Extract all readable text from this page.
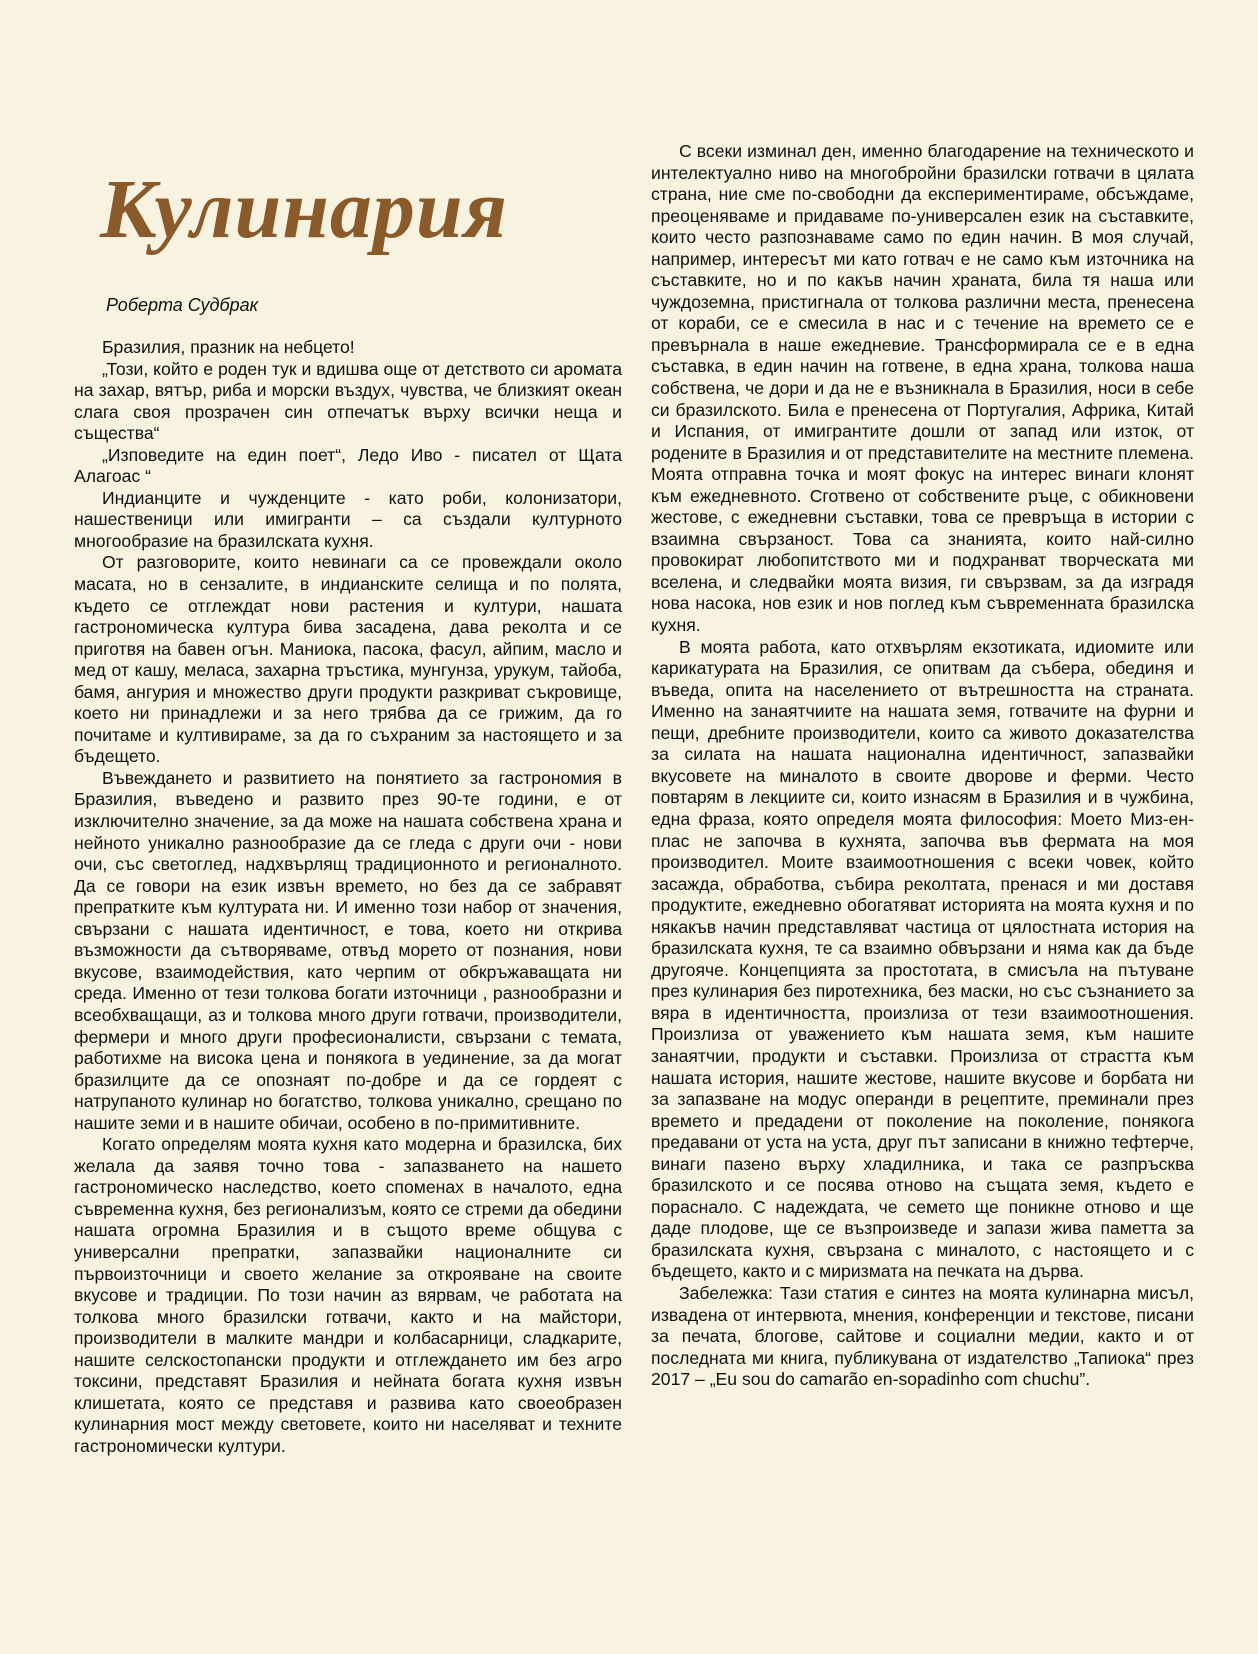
Кулинария
Роберта Судбрак

Бразилия, празник на небцето!

„Този, който е роден тук и вдишва още от детството си аромата на захар, вятър, риба и морски въздух, чувства, че близкият океан слага своя прозрачен син отпечатък върху всички неща и същества“

„Изповедите на един поет“, Ледо Иво - писател от Щата Алагоас “

Индианците и чужденците - като роби, колонизатори, нашественици или имигранти – са създали културното многообразие на бразилската кухня.

От разговорите, които невинаги са се провеждали около масата, но в сензалите, в индианските селища и по полята, където се отглеждат нови растения и култури, нашата гастрономическа култура бива засадена, дава реколта и се приготвя на бавен огън. Маниока, пасока, фасул, айпим, масло и мед от кашу, меласа, захарна тръстика, мунгунза, урукум, тайоба, бамя, ангурия и множество други продукти разкриват съкровище, което ни принадлежи и за него трябва да се грижим, да го почитаме и култивираме, за да го съхраним за настоящето и за бъдещето.

Въвеждането и развитието на понятието за гастрономия в Бразилия, въведено и развито през 90-те години, е от изключително значение, за да може на нашата собствена храна и нейното уникално разнообразие да се гледа с други очи - нови очи, със светоглед, надхвърлящ традиционното и регионалното. Да се говори на език извън времето, но без да се забравят препратките към културата ни. И именно този набор от значения, свързани с нашата идентичност, е това, което ни открива възможности да сътворяваме, отвъд морето от познания, нови вкусове, взаимодействия, като черпим от обкръжаващата ни среда. Именно от тези толкова богати източници , разнообразни и всеобхващащи, аз и толкова много други готвачи, производители, фермери и много други професионалисти, свързани с темата, работихме на висока цена и понякога в уединение, за да могат бразилците да се опознаят по-добре и да се гордеят с натрупаното кулинар но богатство, толкова уникално, срещано по нашите земи и в нашите обичаи, особено в по-примитивните.

Когато определям моята кухня като модерна и бразилска, бих желала да заявя точно това - запазването на нашето гастрономическо наследство, което споменах в началото, една съвременна кухня, без регионализъм, която се стреми да обедини нашата огромна Бразилия и в същото време общува с универсални препратки, запазвайки националните си първоизточници и своето желание за открояване на своите вкусове и традиции. По този начин аз вярвам, че работата на толкова много бразилски готвачи, както и на майстори, производители в малките мандри и колбасарници, сладкарите, нашите селскостопански продукти и отглеждането им без агро токсини, представят Бразилия и нейната богата кухня извън клишетата, която се представя и развива като своеобразен кулинарния мост между световете, които ни населяват и техните гастрономически култури.

С всеки изминал ден, именно благодарение на техническото и интелектуално ниво на многобройни бразилски готвачи в цялата страна, ние сме по-свободни да експериментираме, обсъждаме, преоценяваме и придаваме по-универсален език на съставките, които често разпознаваме само по един начин. В моя случай, например, интересът ми като готвач е не само към източника на съставките, но и по какъв начин храната, била тя наша или чуждоземна, пристигнала от толкова различни места, пренесена от кораби, се е смесила в нас и с течение на времето се е превърнала в наше ежедневие. Трансформирала се е в една съставка, в един начин на готвене, в една храна, толкова наша собствена, че дори и да не е възникнала в Бразилия, носи в себе си бразилското. Била е пренесена от Португалия, Африка, Китай и Испания, от имигрантите дошли от запад или изток, от родените в Бразилия и от представителите на местните племена. Моята отправна точка и моят фокус на интерес винаги клонят към ежедневното. Сготвено от собствените ръце, с обикновени жестове, с ежедневни съставки, това се превръща в истории с взаимна свързаност. Това са знанията, които най-силно провокират любопитството ми и подхранват творческата ми вселена, и следвайки моята визия, ги свързвам, за да изградя нова насока, нов език и нов поглед към съвременната бразилска кухня.

В моята работа, като отхвърлям екзотиката, идиомите или карикатурата на Бразилия, се опитвам да събера, обединя и въведа, опита на населението от вътрешността на страната. Именно на занаятчиите на нашата земя, готвачите на фурни и пещи, дребните производители, които са живото доказателства за силата на нашата национална идентичност, запазвайки вкусовете на миналото в своите дворове и ферми. Често повтарям в лекциите си, които изнасям в Бразилия и в чужбина, една фраза, която определя моята философия: Моето Миз-ен-плас не започва в кухнята, започва във фермата на моя производител. Моите взаимоотношения с всеки човек, който засажда, обработва, събира реколтата, пренася и ми доставя продуктите, ежедневно обогатяват историята на моята кухня и по някакъв начин представляват частица от цялостната история на бразилската кухня, те са взаимно обвързани и няма как да бъде другояче. Концепцията за простотата, в смисъла на пътуване през кулинария без пиротехника, без маски, но със съзнанието за вяра в идентичността, произлиза от тези взаимоотношения. Произлиза от уважението към нашата земя, към нашите занаятчии, продукти и съставки. Произлиза от страстта към нашата история, нашите жестове, нашите вкусове и борбата ни за запазване на модус операнди в рецептите, преминали през времето и предадени от поколение на поколение, понякога предавани от уста на уста, друг път записани в книжно тефтерче, винаги пазено върху хладилника, и така се разпръсква бразилското и се посява отново на същата земя, където е порасналo. С надеждата, че семето ще поникне отново и ще даде плодове, ще се възпроизведе и запази жива паметта за бразилската кухня, свързана с миналото, с настоящето и с бъдещето, както и с миризмата на печката на дърва.

Забележка: Тази статия е синтез на моята кулинарна мисъл, извадена от интервюта, мнения, конференции и текстове, писани за печата, блогове, сайтове и социални медии, както и от последната ми книга, публикувана от издателство „Тапиока“ през 2017 – „Eu sou do camarão en-sopadinho com chuchu”.
